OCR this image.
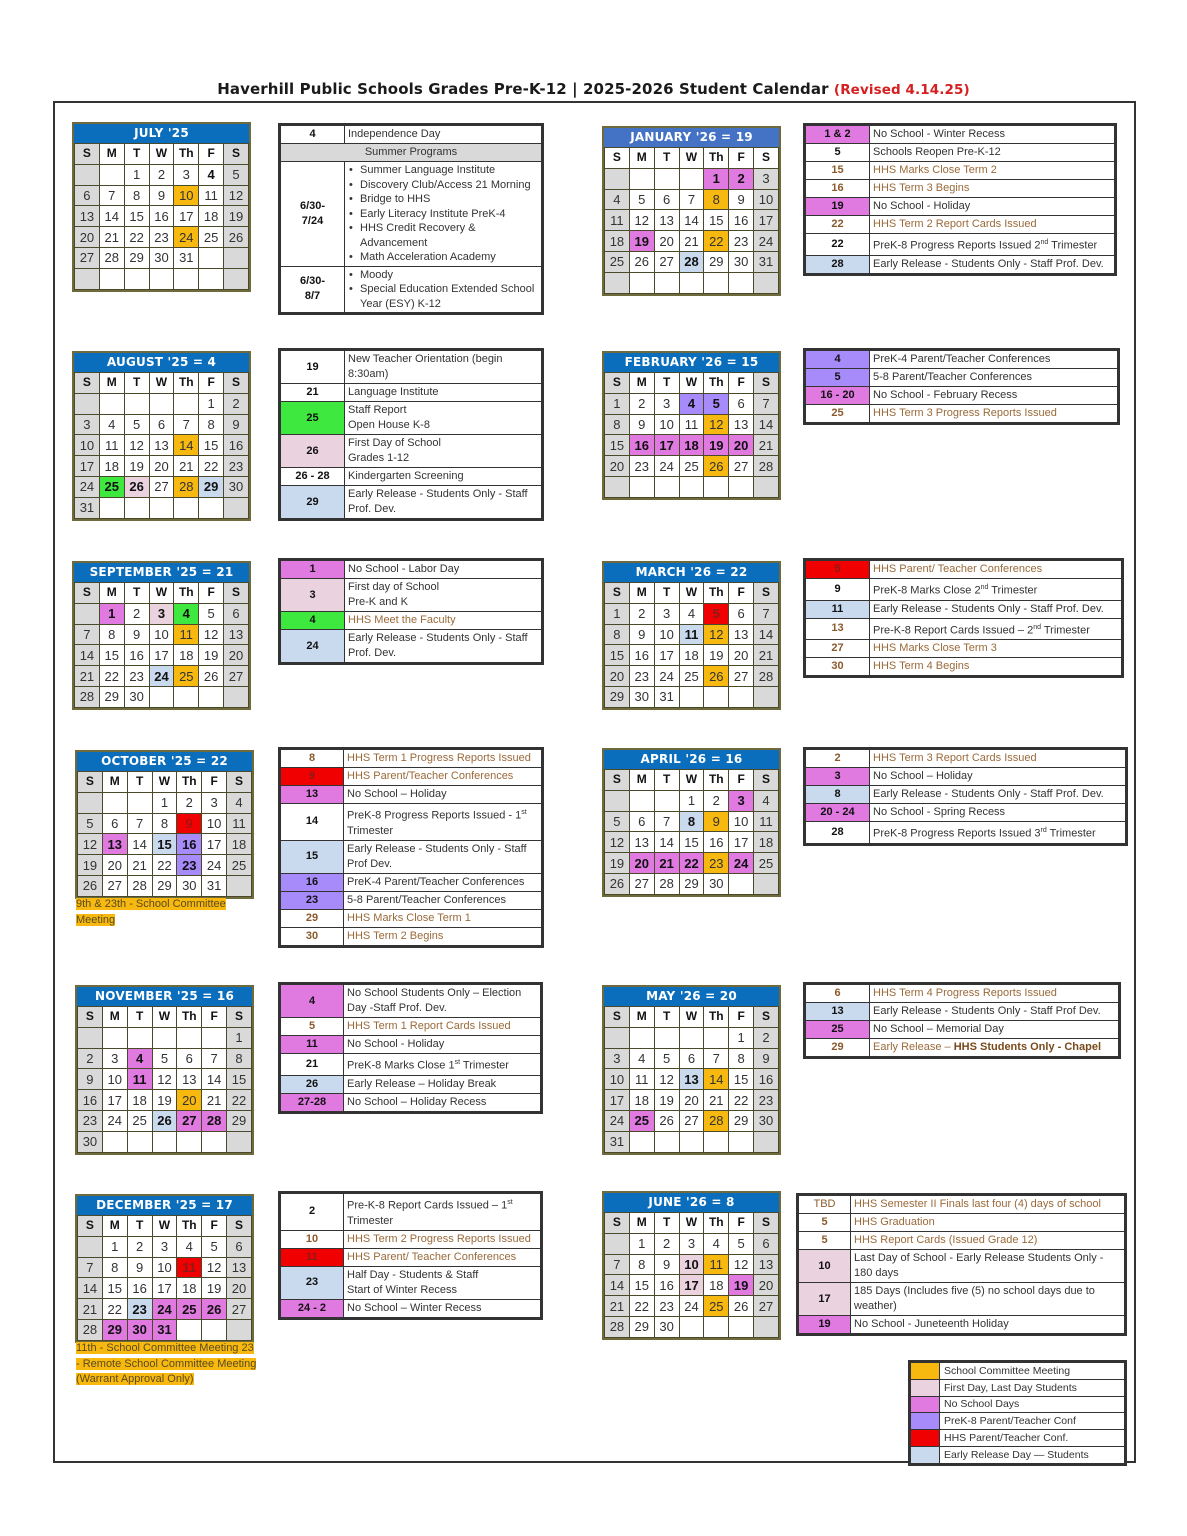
Haverhill Public Schools Grades Pre-K-12 | 2025-2026 Student Calendar (Revised 4.14.25)
JULY '25
S	M	T	W	Th	F	S
		1	2	3	4	5
6	7	8	9	10	11	12
13	14	15	16	17	18	19
20	21	22	23	24	25	26
27	28	29	30	31		

4	Independence Day
Summer Programs	
6/30-
7/24	
• Summer Language Institute
• Discovery Club/Access 21 Morning
• Bridge to HHS
• Early Literacy Institute PreK-4
• HHS Credit Recovery & Advancement
• Math Acceleration Academy

6/30-
8/7	
• Moody
• Special Education Extended School Year (ESY) K-12
AUGUST '25 = 4
S	M	T	W	Th	F	S
					1	2
3	4	5	6	7	8	9
10	11	12	13	14	15	16
17	18	19	20	21	22	23
24	25	26	27	28	29	30
31						
19	New Teacher Orientation (begin 8:30am)
21	Language Institute
25	Staff Report
Open House K-8
26	First Day of School
Grades 1-12
26 - 28	Kindergarten Screening
29	Early Release - Students Only - Staff Prof. Dev.
SEPTEMBER '25 = 21
S	M	T	W	Th	F	S
	1	2	3	4	5	6
7	8	9	10	11	12	13
14	15	16	17	18	19	20
21	22	23	24	25	26	27
28	29	30				
1	No School - Labor Day
3	First day of School
Pre-K and K
4	HHS Meet the Faculty
24	Early Release - Students Only - Staff Prof. Dev.
OCTOBER '25 = 22
S	M	T	W	Th	F	S
			1	2	3	4
5	6	7	8	9	10	11
12	13	14	15	16	17	18
19	20	21	22	23	24	25
26	27	28	29	30	31	
9th & 23th - School Committee Meeting
8	HHS Term 1 Progress Reports Issued
9	HHS Parent/Teacher Conferences
13	No School – Holiday
14	PreK-8 Progress Reports Issued - 1st Trimester
15	Early Release - Students Only - Staff Prof Dev.
16	PreK-4 Parent/Teacher Conferences
23	5-8 Parent/Teacher Conferences
29	HHS Marks Close Term 1
30	HHS Term 2 Begins
NOVEMBER '25 = 16
S	M	T	W	Th	F	S
						1
2	3	4	5	6	7	8
9	10	11	12	13	14	15
16	17	18	19	20	21	22
23	24	25	26	27	28	29
30						
4	No School Students Only – Election Day -Staff Prof. Dev.
5	HHS Term 1 Report Cards Issued
11	No School - Holiday
21	PreK-8 Marks Close 1st Trimester
26	Early Release – Holiday Break
27-28	No School – Holiday Recess
DECEMBER '25 = 17
S	M	T	W	Th	F	S
	1	2	3	4	5	6
7	8	9	10	11	12	13
14	15	16	17	18	19	20
21	22	23	24	25	26	27
28	29	30	31			
11th - School Committee Meeting 23 - Remote School Committee Meeting (Warrant Approval Only)
2	Pre-K-8 Report Cards Issued – 1st Trimester
10	HHS Term 2 Progress Reports Issued
11	HHS Parent/ Teacher Conferences
23	Half Day - Students & Staff
Start of Winter Recess
24 - 2	No School – Winter Recess
JANUARY '26 = 19
S	M	T	W	Th	F	S
				1	2	3
4	5	6	7	8	9	10
11	12	13	14	15	16	17
18	19	20	21	22	23	24
25	26	27	28	29	30	31

1 & 2	No School - Winter Recess
5	Schools Reopen Pre-K-12
15	HHS Marks Close Term 2
16	HHS Term 3 Begins
19	No School - Holiday
22	HHS Term 2 Report Cards Issued
22	PreK-8 Progress Reports Issued 2nd Trimester
28	Early Release - Students Only - Staff Prof. Dev.
FEBRUARY '26 = 15
S	M	T	W	Th	F	S
1	2	3	4	5	6	7
8	9	10	11	12	13	14
15	16	17	18	19	20	21
20	23	24	25	26	27	28

4	PreK-4 Parent/Teacher Conferences
5	5-8 Parent/Teacher Conferences
16 - 20	No School - February Recess
25	HHS Term 3 Progress Reports Issued
MARCH '26 = 22
S	M	T	W	Th	F	S
1	2	3	4	5	6	7
8	9	10	11	12	13	14
15	16	17	18	19	20	21
20	23	24	25	26	27	28
29	30	31				
5	HHS Parent/ Teacher Conferences
9	PreK-8 Marks Close 2nd Trimester
11	Early Release - Students Only - Staff Prof. Dev.
13	Pre-K-8 Report Cards Issued – 2nd Trimester
27	HHS Marks Close Term 3
30	HHS Term 4 Begins
APRIL '26 = 16
S	M	T	W	Th	F	S
			1	2	3	4
5	6	7	8	9	10	11
12	13	14	15	16	17	18
19	20	21	22	23	24	25
26	27	28	29	30		
2	HHS Term 3 Report Cards Issued
3	No School – Holiday
8	Early Release - Students Only - Staff Prof. Dev.
20 - 24	No School - Spring Recess
28	PreK-8 Progress Reports Issued 3rd Trimester
MAY '26 = 20
S	M	T	W	Th	F	S
					1	2
3	4	5	6	7	8	9
10	11	12	13	14	15	16
17	18	19	20	21	22	23
24	25	26	27	28	29	30
31						
6	HHS Term 4 Progress Reports Issued
13	Early Release - Students Only - Staff Prof Dev.
25	No School – Memorial Day
29	Early Release – HHS Students Only - Chapel
JUNE '26 = 8
S	M	T	W	Th	F	S
	1	2	3	4	5	6
7	8	9	10	11	12	13
14	15	16	17	18	19	20
21	22	23	24	25	26	27
28	29	30				
TBD	HHS Semester II Finals last four (4) days of school
5	HHS Graduation
5	HHS Report Cards (Issued Grade 12)
10	Last Day of School - Early Release Students Only - 180 days
17	185 Days (Includes five (5) no school days due to weather)
19	No School - Juneteenth Holiday
	School Committee Meeting
	First Day, Last Day Students
	No School Days
	PreK-8 Parent/Teacher Conf
	HHS Parent/Teacher Conf.
	Early Release Day — Students
